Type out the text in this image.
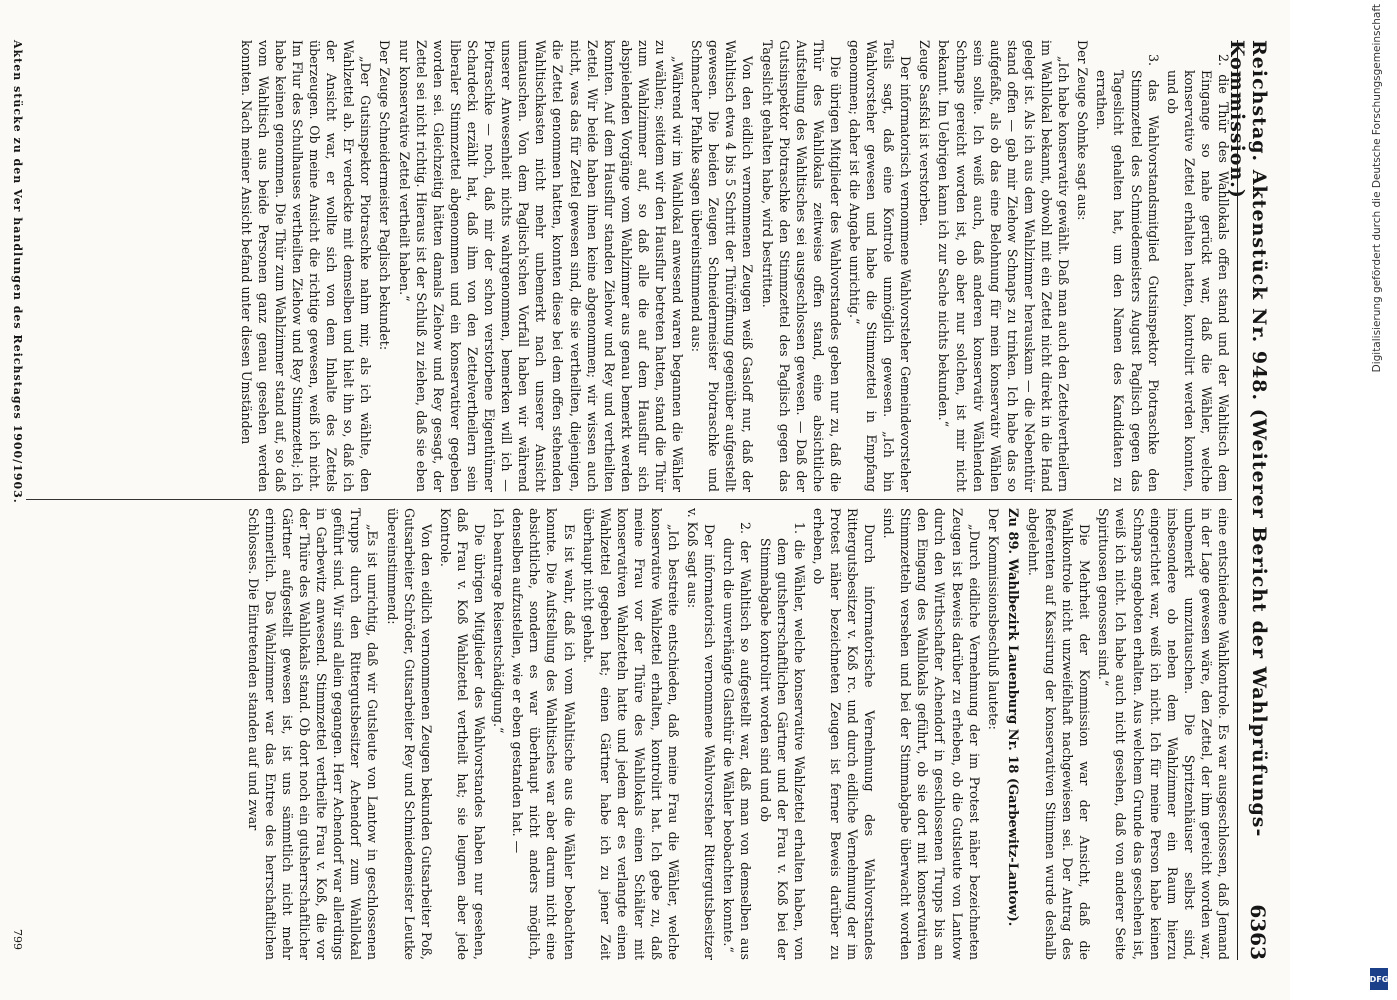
Reichstag. Aktenstück Nr. 948. (Weiterer Bericht der Wahlprüfungs-Kommission.)
6363

2. die Thür des Wahllokals offen stand und der Wahltisch dem Eingange so nahe gerückt war, daß die Wähler, welche konservative Zettel erhalten hatten, kontrolirt werden konnten, und ob

3. das Wahlvorstandsmitglied Gutsinspektor Piotraschke den Stimmzettel des Schmiedemeisters August Paglisch gegen das Tageslicht gehalten hat, um den Namen des Kandidaten zu errathen.

Der Zeuge Sohnke sagt aus:

„Ich habe konservativ gewählt. Daß man auch den Zettelvertheilern im Wahllokal bekannt, obwohl mit ein Zettel nicht direkt in die Hand gelegt ist. Als ich aus dem Wahlzimmer herauskam — die Nebenthür stand offen — gab mir Ziehow Schnaps zu trinken. Ich habe das so aufgefaßt, als ob das eine Belohnung für mein konservativ Wählen sein sollte. Ich weiß auch, daß anderen konservativ Wählenden Schnaps gereicht worden ist, ob aber nur solchen, ist mir nicht bekannt. Im Uebrigen kann ich zur Sache nichts bekunden.“

Zeuge Sasfski ist verstorben.

Der informatorisch vernommene Wahlvorsteher Gemeindevorsteher Teils sagt, daß eine Kontrole unmöglich gewesen. „Ich bin Wahlvorsteher gewesen und habe die Stimmzettel in Empfang genommen; daher ist die Angabe unrichtig.“

Die übrigen Mitglieder des Wahlvorstandes geben nur zu, daß die Thür des Wahllokals zeitweise offen stand, eine absichtliche Aufstellung des Wahltisches sei ausgeschlossen gewesen. — Daß der Gutsinspektor Piotraschke den Stimmzettel des Paglisch gegen das Tageslicht gehalten habe, wird bestritten.

Von den eidlich vernommenen Zeugen weiß Gasloff nur, daß der Wahltisch etwa 4 bis 5 Schritt der Thüröffnung gegenüber aufgestellt gewesen. Die beiden Zeugen Schneidermeister Piotraschke und Schmacher Pfahlke sagen übereinstimmend aus:

„Während wir im Wahllokal anwesend waren begannen die Wähler zu wählen; seitdem wir den Hausflur betreten hatten, stand die Thür zum Wahlzimmer auf, so daß alle die auf dem Hausflur sich abspielenden Vorgänge vom Wahlzimmer aus genau bemerkt werden konnten. Auf dem Hausflur standen Ziehow und Rey und vertheilten Zettel. Wir beide haben ihnen keine abgenommen; wir wissen auch nicht, was das für Zettel gewesen sind, die sie vertheilten, diejenigen, die Zettel genommen hatten, konnten diese bei dem offen stehenden Wahltischkasten nicht mehr unbemerkt nach unserer Ansicht umtauschen. Von dem Paglisch'schen Vorfall haben wir während unserer Anwesenheit nichts wahrgenommen, bemerken will ich — Piotraschke — noch, daß mir der schon verstorbene Eigenthümer Schardecki erzählt hat, daß ihm von den Zettelvertheilern sein liberaler Stimmzettel abgenommen und ein konservativer gegeben worden sei. Gleichzeitig hätten damals Ziehow und Rey gesagt, der Zettel sei nicht richtig. Hieraus ist der Schluß zu ziehen, daß sie eben nur konservative Zettel vertheilt haben.“

Der Zeuge Schneidermeister Paglisch bekundet:

„Der Gutsinspektor Piotraschke nahm mir, als ich wählte, den Wahlzettel ab. Er verdeckte mit demselben und hielt ihn so, daß ich der Ansicht war, er wollte sich von dem Inhalte des Zettels überzeugen. Ob meine Ansicht die richtige gewesen, weiß ich nicht. Im Flur des Schulhauses vertheilten Ziehow und Rey Stimmzettel; ich habe keinen genommen. Die Thür zum Wahlzimmer stand auf, so daß vom Wahltisch aus beide Personen ganz genau gesehen werden konnten. Nach meiner Ansicht befand unter diesen Umständen

eine entschiedene Wahlkontrole. Es war ausgeschlossen, daß Jemand in der Lage gewesen wäre, den Zettel, der ihm gereicht worden war, unbemerkt umzutauschen. Die Spritzenhäuser selbst sind, insbesondere ob neben dem Wahlzimmer ein Raum hierzu eingerichtet war, weiß ich nicht. Ich für meine Person habe keinen Schnaps angeboten erhalten. Aus welchem Grunde das geschehen ist, weiß ich nicht. Ich habe auch nicht gesehen, daß von anderer Seite Spirituosen genossen sind.“

Die Mehrheit der Kommission war der Ansicht, daß die Wahlkontrole nicht unzweifelhaft nachgewiesen sei. Der Antrag des Referenten auf Kassirung der konservativen Stimmen wurde deshalb abgelehnt.

Zu 89. Wahlbezirk Lauenburg Nr. 18 (Garbewitz-Lantow).

Der Kommissionsbeschluß lautete:

„Durch eidliche Vernehmung der im Protest näher bezeichneten Zeugen ist Beweis darüber zu erheben, ob die Gutsleute von Lantow durch den Wirthschafter Achendorf in geschlossenen Trupps bis an den Eingang des Wahllokals geführt, ob sie dort mit konservativen Stimmzetteln versehen und bei der Stimmabgabe überwacht worden sind.

Durch informatorische Vernehmung des Wahlvorstandes Rittergutsbesitzer v. Koß rc. und durch eidliche Vernehmung der im Protest näher bezeichneten Zeugen ist ferner Beweis darüber zu erheben, ob

1. die Wähler, welche konservative Wahlzettel erhalten haben, von dem gutsherrschaftlichen Gärtner und der Frau v. Koß bei der Stimmabgabe kontrolirt worden sind und ob

2. der Wahltisch so aufgestellt war, daß man von demselben aus durch die unverhängte Glasthür die Wähler beobachten konnte.“

Der informatorisch vernommene Wahlvorsteher Rittergutsbesitzer v. Koß sagt aus:

„Ich bestreite entschieden, daß meine Frau die Wähler, welche konservative Wahlzettel erhalten, kontrolirt hat. Ich gebe zu, daß meine Frau vor der Thüre des Wahllokals einen Schälter mit konservativen Wahlzetteln hatte und jedem der es verlangte einen Wahlzettel gegeben hat; einen Gärtner habe ich zu jener Zeit überhaupt nicht gehabt.

Es ist wahr, daß ich vom Wahltische aus die Wähler beobachten konnte. Die Aufstellung des Wahltisches war aber darum nicht eine absichtliche, sondern es war überhaupt nicht anders möglich, denselben aufzustellen, wie er eben gestanden hat. —

Ich beantrage Reisentschädigung.“

Die übrigen Mitglieder des Wahlvorstandes haben nur gesehen, daß Frau v. Koß Wahlzettel vertheilt hat; sie leugnen aber jede Kontrole.

Von den eidlich vernommenen Zeugen bekunden Gutsarbeiter Poß, Gutsarbeiter Schröder, Gutsarbeiter Rey und Schmiedemeister Leutke übereinstimmend:

„Es ist unrichtig, daß wir Gutsleute von Lantow in geschlossenen Trupps durch den Rittergutsbesitzer Achendorf zum Wahllokal geführt sind. Wir sind allein gegangen. Herr Achendorf war allerdings in Garbewitz anwesend. Stimmzettel vertheilte Frau v. Koß, die vor der Thüre des Wahllokals stand. Ob dort noch ein gutsherrschaftlicher Gärtner aufgestellt gewesen ist, ist uns sämmtlich nicht mehr erinnerlich. Das Wahlzimmer war das Entree des herrschaftlichen Schlosses. Die Eintretenden standen auf und zwar

Akten stücke zu den Ver handlungen des Reichstages 1900/1903.
799
Digitalisierung gefördert durch die Deutsche Forschungsgemeinschaft
DFG
